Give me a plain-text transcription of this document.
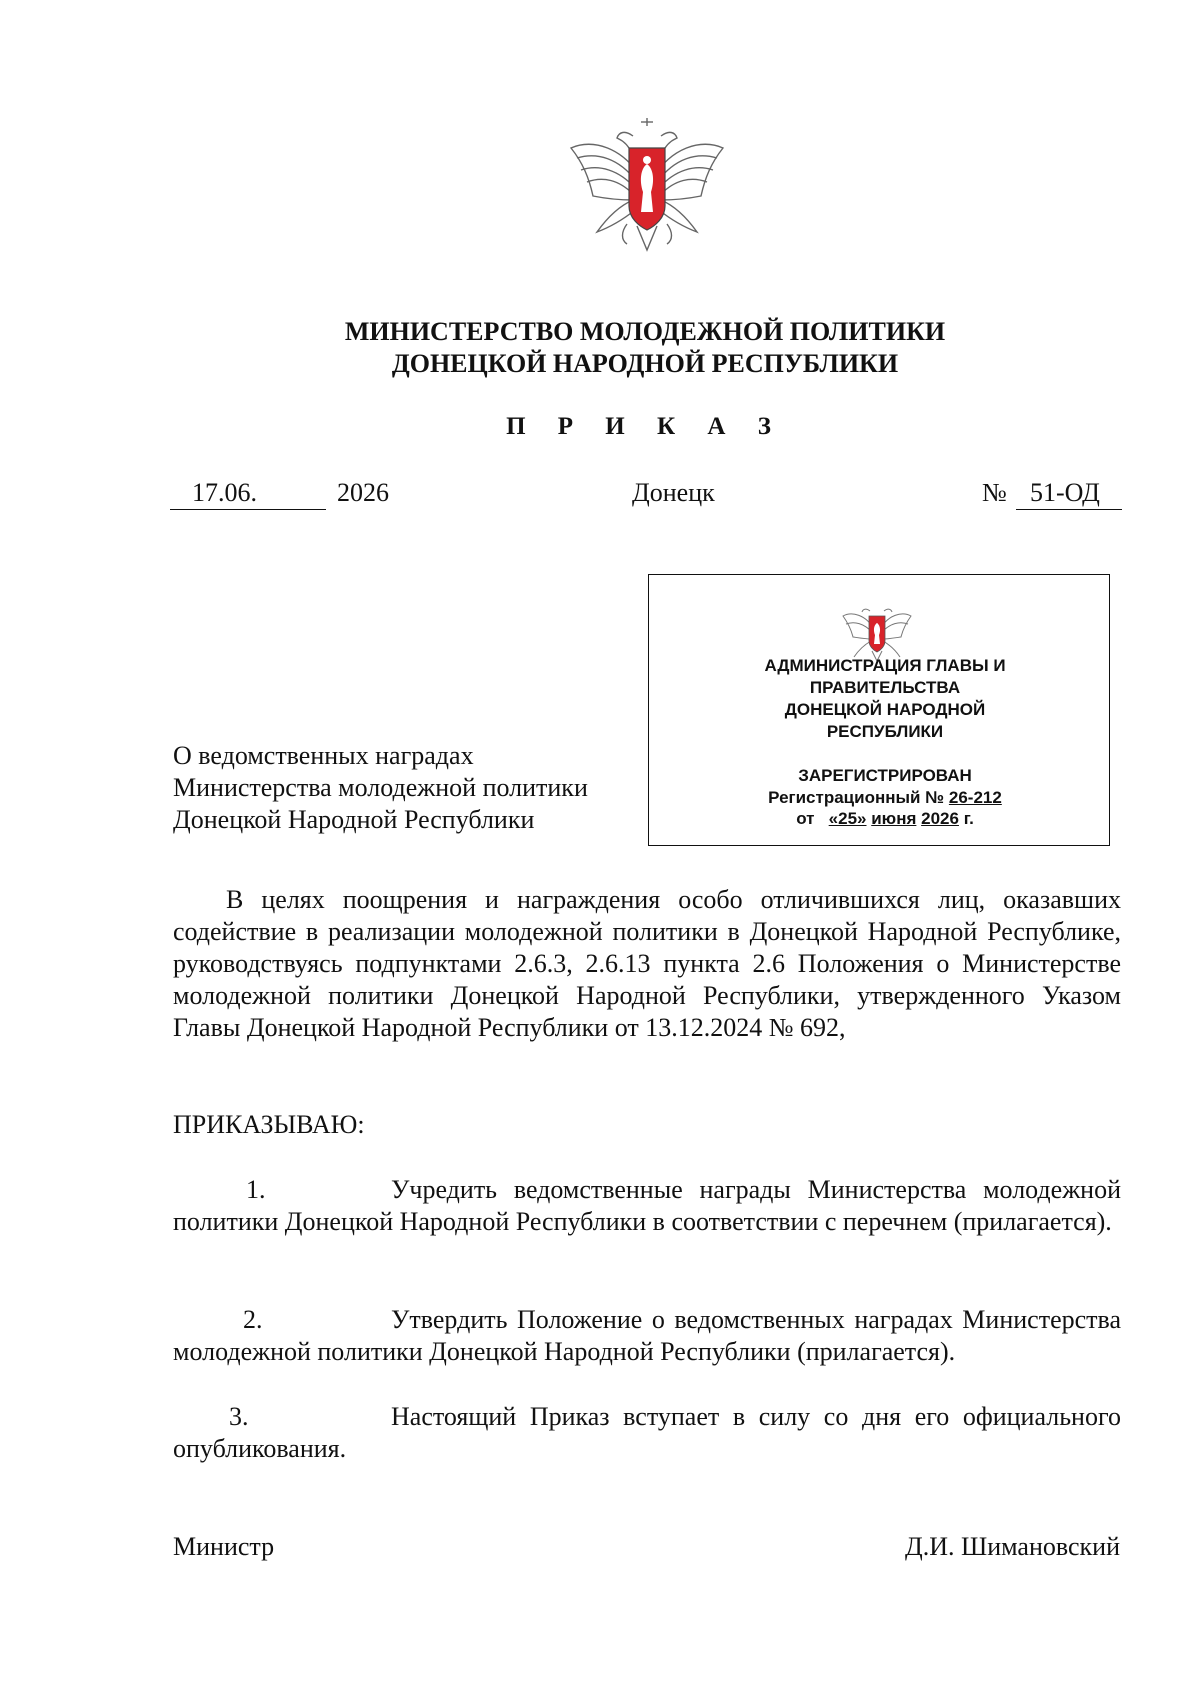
МИНИСТЕРСТВО МОЛОДЕЖНОЙ ПОЛИТИКИ
ДОНЕЦКОЙ НАРОДНОЙ РЕСПУБЛИКИ
П Р И К А З
17.06.	2026	Донецк	№ 51-ОД
АДМИНИСТРАЦИЯ ГЛАВЫ И
ПРАВИТЕЛЬСТВА
ДОНЕЦКОЙ НАРОДНОЙ
РЕСПУБЛИКИ
ЗАРЕГИСТРИРОВАН
Регистрационный № 26-212
от «25» июня 2026 г.
О ведомственных наградах
Министерства молодежной политики
Донецкой Народной Республики
В целях поощрения и награждения особо отличившихся лиц, оказавших содействие в реализации молодежной политики в Донецкой Народной Республике, руководствуясь подпунктами 2.6.3, 2.6.13 пункта 2.6 Положения о Министерстве молодежной политики Донецкой Народной Республики, утвержденного Указом Главы Донецкой Народной Республики от 13.12.2024 № 692,
ПРИКАЗЫВАЮ:
1.	Учредить ведомственные награды Министерства молодежной политики Донецкой Народной Республики в соответствии с перечнем (прилагается).
2.	Утвердить Положение о ведомственных наградах Министерства молодежной политики Донецкой Народной Республики (прилагается).
3.	Настоящий Приказ вступает в силу со дня его официального опубликования.
Министр	Д.И. Шимановский
